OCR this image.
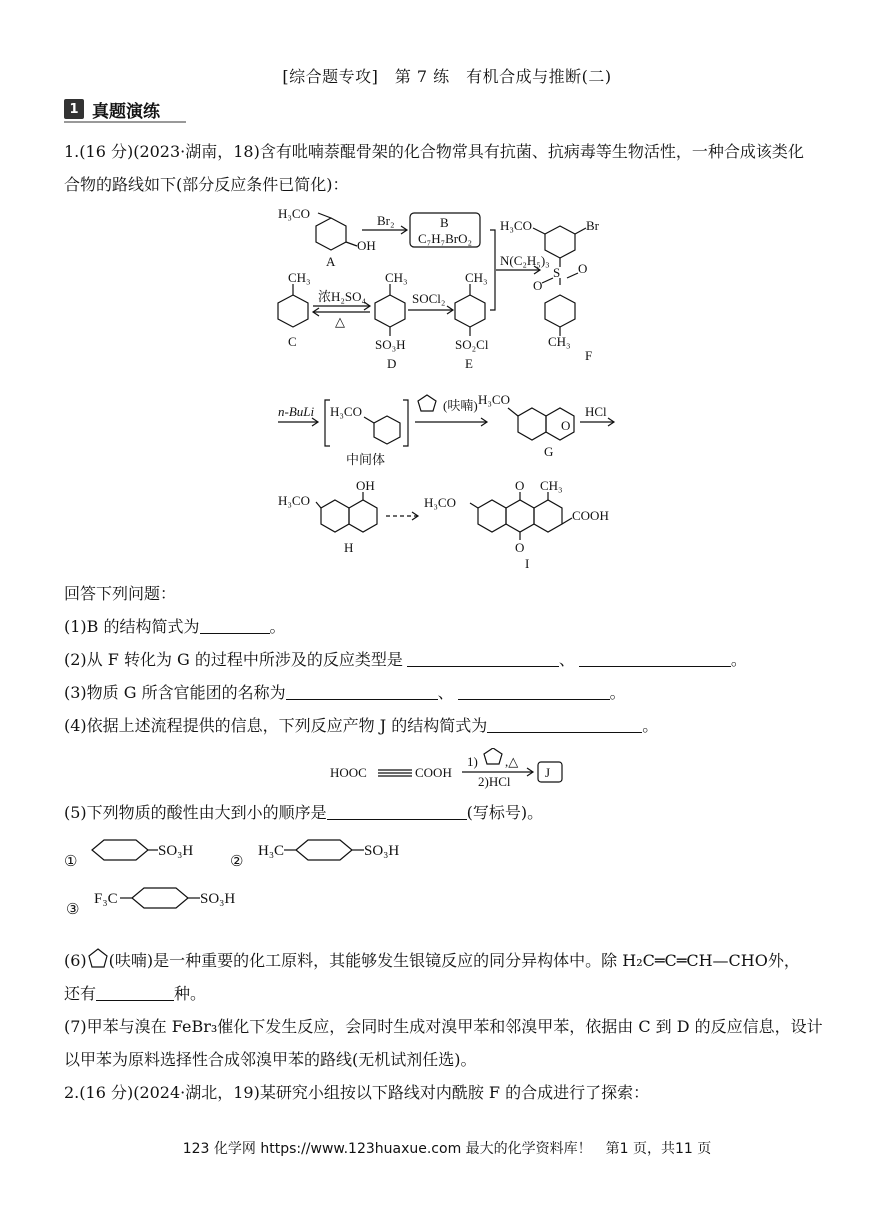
[综合题专攻]　第 7 练　有机合成与推断(二)
1 真题演练
1.(16 分)(2023·湖南，18)含有吡喃萘醌骨架的化合物常具有抗菌、抗病毒等生物活性，一种合成该类化
合物的路线如下(部分反应条件已简化)：
H₃CO
OH
A
Br₂	B
C₇H₇BrO₂
H₃CO	Br
S O
O
CH₃
F
N(C₂H₅)₃
CH₃
C
浓H₂SO₄
△
CH₃
SO₃H
D
SOCl₂
CH₃
SO₂Cl
E
n-BuLi H₃CO
中间体
(呋喃) H₃CO
O
G
HCl
H₃CO
OH
H
H₃CO
O
O
CH₃
COOH
I
回答下列问题：
(1)B 的结构简式为	。
(2)从 F 转化为 G 的过程中所涉及的反应类型是	、	。
(3)物质 G 所含官能团的名称为	、	。
(4)依据上述流程提供的信息，下列反应产物 J 的结构简式为	。
HOOC	COOH
1) ,△
2)HCl
J
(5)下列物质的酸性由大到小的顺序是	(写标号)。
①
SO₃H
②
H₃C	SO₃H
③
F₃C	SO₃H
(6) (呋喃)是一种重要的化工原料，其能够发生银镜反应的同分异构体中。除 H₂C═C═CH—CHO外，
还有	种。
(7)甲苯与溴在 FeBr₃催化下发生反应，会同时生成对溴甲苯和邻溴甲苯，依据由 C 到 D 的反应信息，设计
以甲苯为原料选择性合成邻溴甲苯的路线(无机试剂任选)。
2.(16 分)(2024·湖北，19)某研究小组按以下路线对内酰胺 F 的合成进行了探索：
123 化学网 https://www.123huaxue.com 最大的化学资料库！　第1 页，共11 页
